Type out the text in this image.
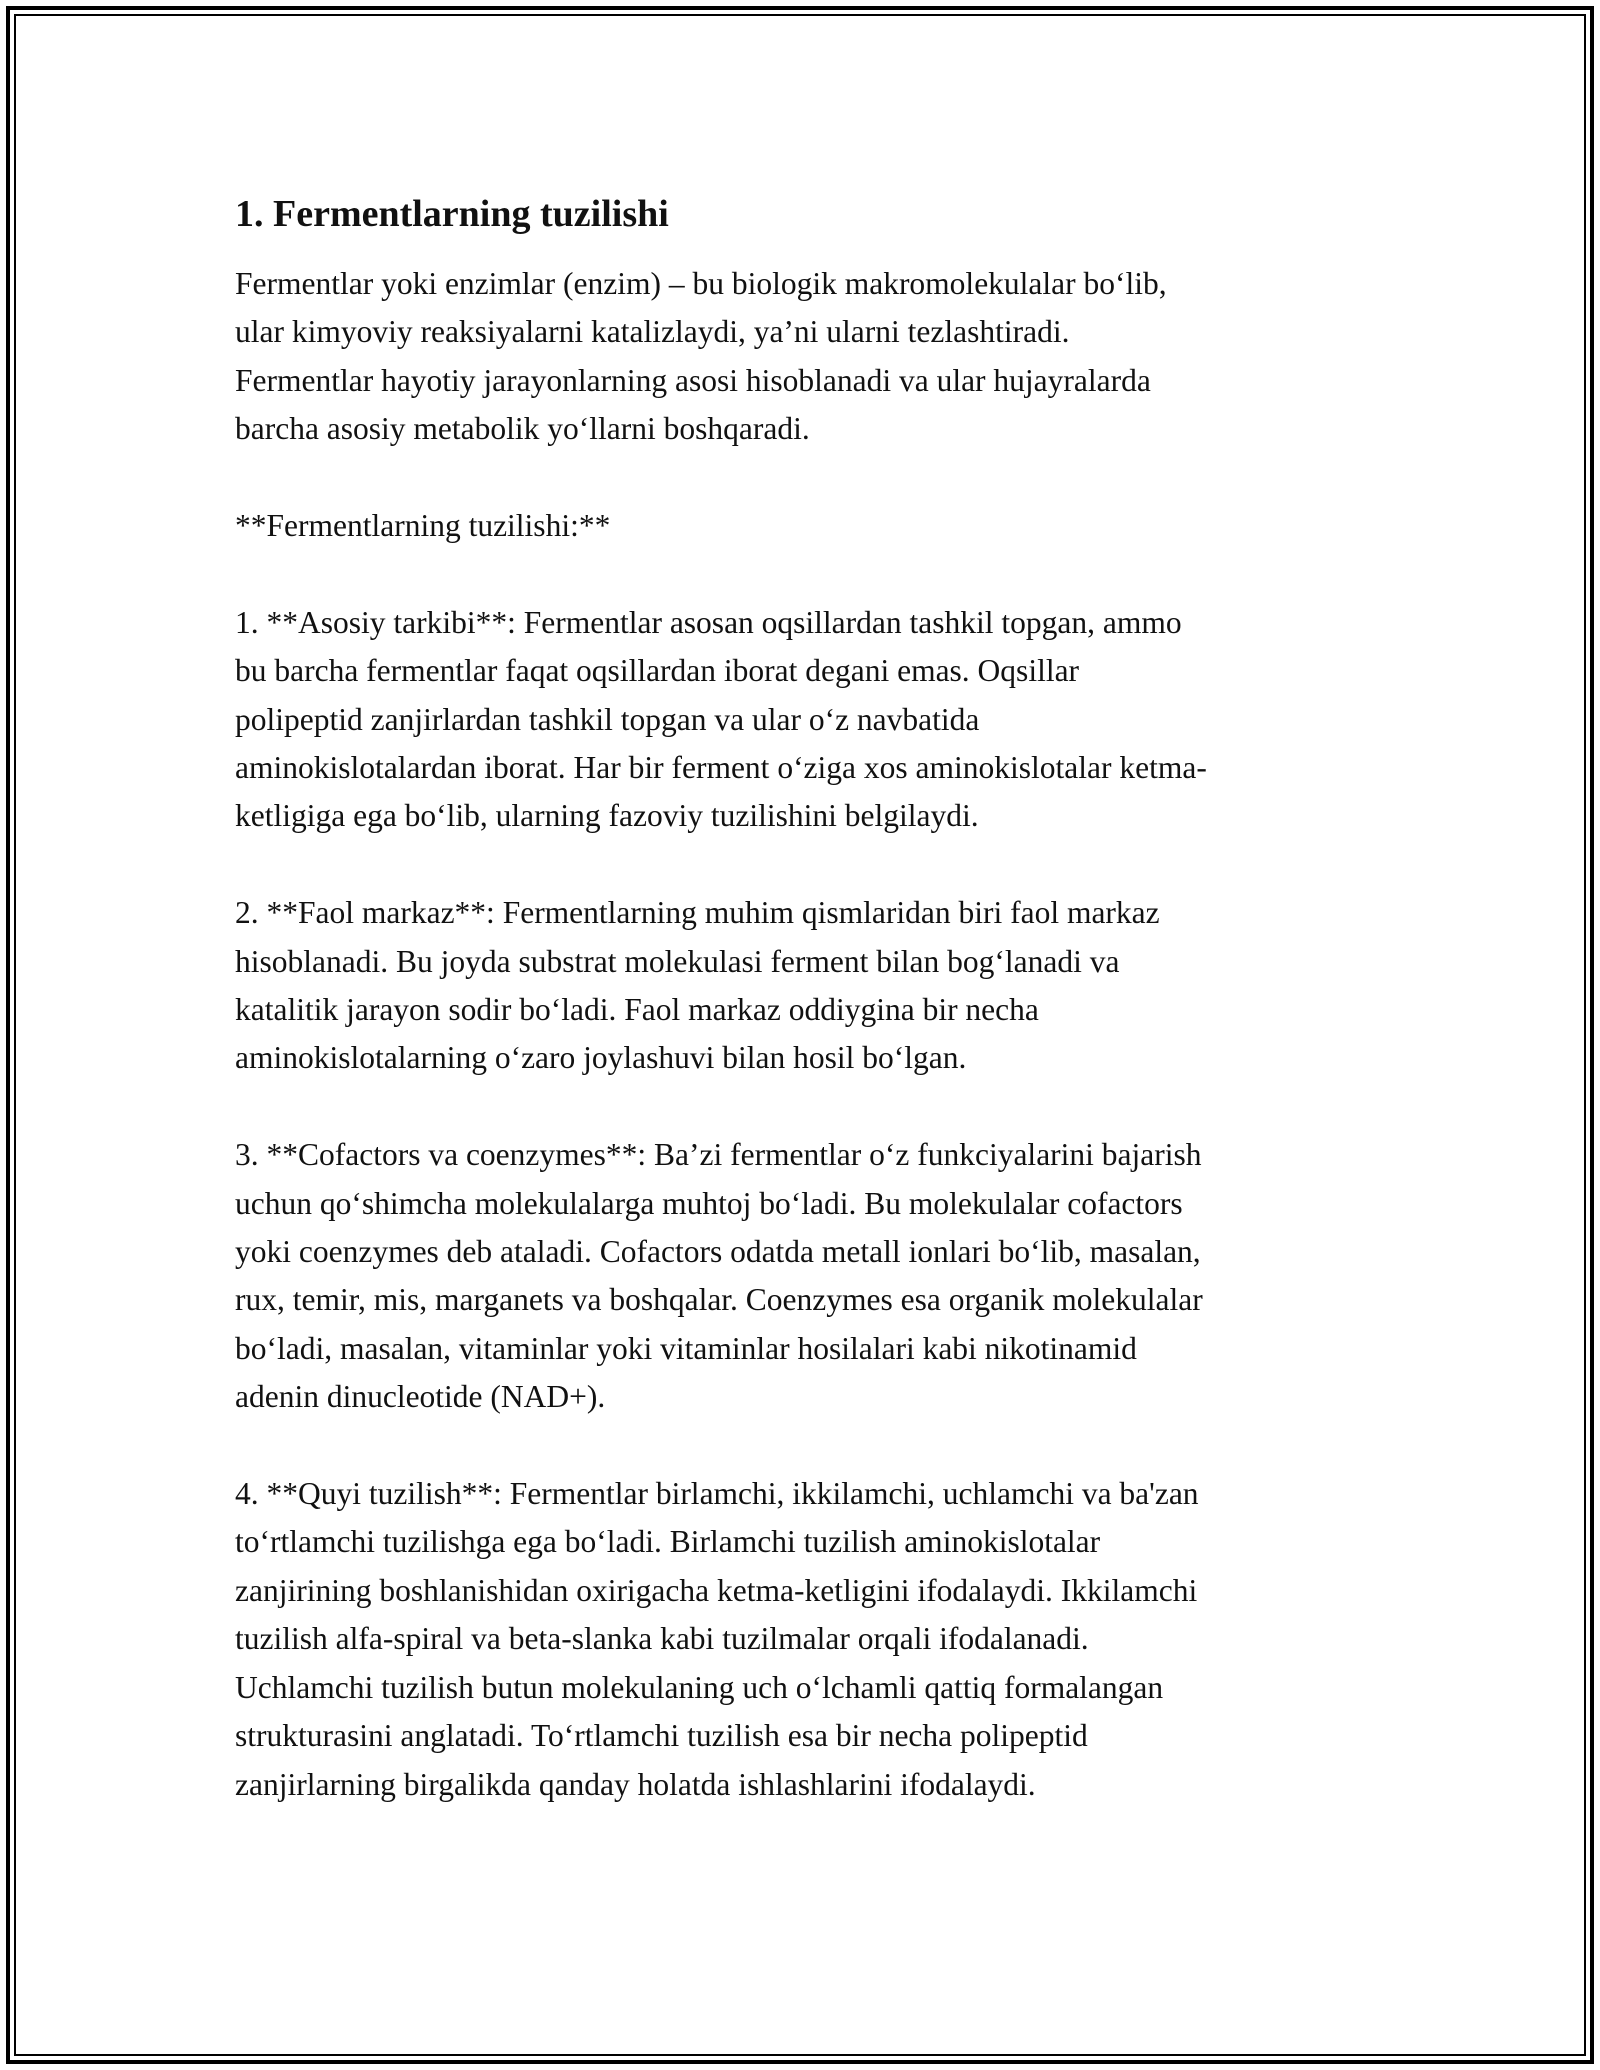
1. Fermentlarning tuzilishi

Fermentlar yoki enzimlar (enzim) – bu biologik makromolekulalar bo‘lib,
ular kimyoviy reaksiyalarni katalizlaydi, ya’ni ularni tezlashtiradi.
Fermentlar hayotiy jarayonlarning asosi hisoblanadi va ular hujayralarda
barcha asosiy metabolik yo‘llarni boshqaradi.

**Fermentlarning tuzilishi:**

1. **Asosiy tarkibi**: Fermentlar asosan oqsillardan tashkil topgan, ammo
bu barcha fermentlar faqat oqsillardan iborat degani emas. Oqsillar
polipeptid zanjirlardan tashkil topgan va ular o‘z navbatida
aminokislotalardan iborat. Har bir ferment o‘ziga xos aminokislotalar ketma-
ketligiga ega bo‘lib, ularning fazoviy tuzilishini belgilaydi.

2. **Faol markaz**: Fermentlarning muhim qismlaridan biri faol markaz
hisoblanadi. Bu joyda substrat molekulasi ferment bilan bog‘lanadi va
katalitik jarayon sodir bo‘ladi. Faol markaz oddiygina bir necha
aminokislotalarning o‘zaro joylashuvi bilan hosil bo‘lgan.

3. **Cofactors va coenzymes**: Ba’zi fermentlar o‘z funkciyalarini bajarish
uchun qo‘shimcha molekulalarga muhtoj bo‘ladi. Bu molekulalar cofactors
yoki coenzymes deb ataladi. Cofactors odatda metall ionlari bo‘lib, masalan,
rux, temir, mis, marganets va boshqalar. Coenzymes esa organik molekulalar
bo‘ladi, masalan, vitaminlar yoki vitaminlar hosilalari kabi nikotinamid
adenin dinucleotide (NAD+).

4. **Quyi tuzilish**: Fermentlar birlamchi, ikkilamchi, uchlamchi va ba'zan
to‘rtlamchi tuzilishga ega bo‘ladi. Birlamchi tuzilish aminokislotalar
zanjirining boshlanishidan oxirigacha ketma-ketligini ifodalaydi. Ikkilamchi
tuzilish alfa-spiral va beta-slanka kabi tuzilmalar orqali ifodalanadi.
Uchlamchi tuzilish butun molekulaning uch o‘lchamli qattiq formalangan
strukturasini anglatadi. To‘rtlamchi tuzilish esa bir necha polipeptid
zanjirlarning birgalikda qanday holatda ishlashlarini ifodalaydi.
